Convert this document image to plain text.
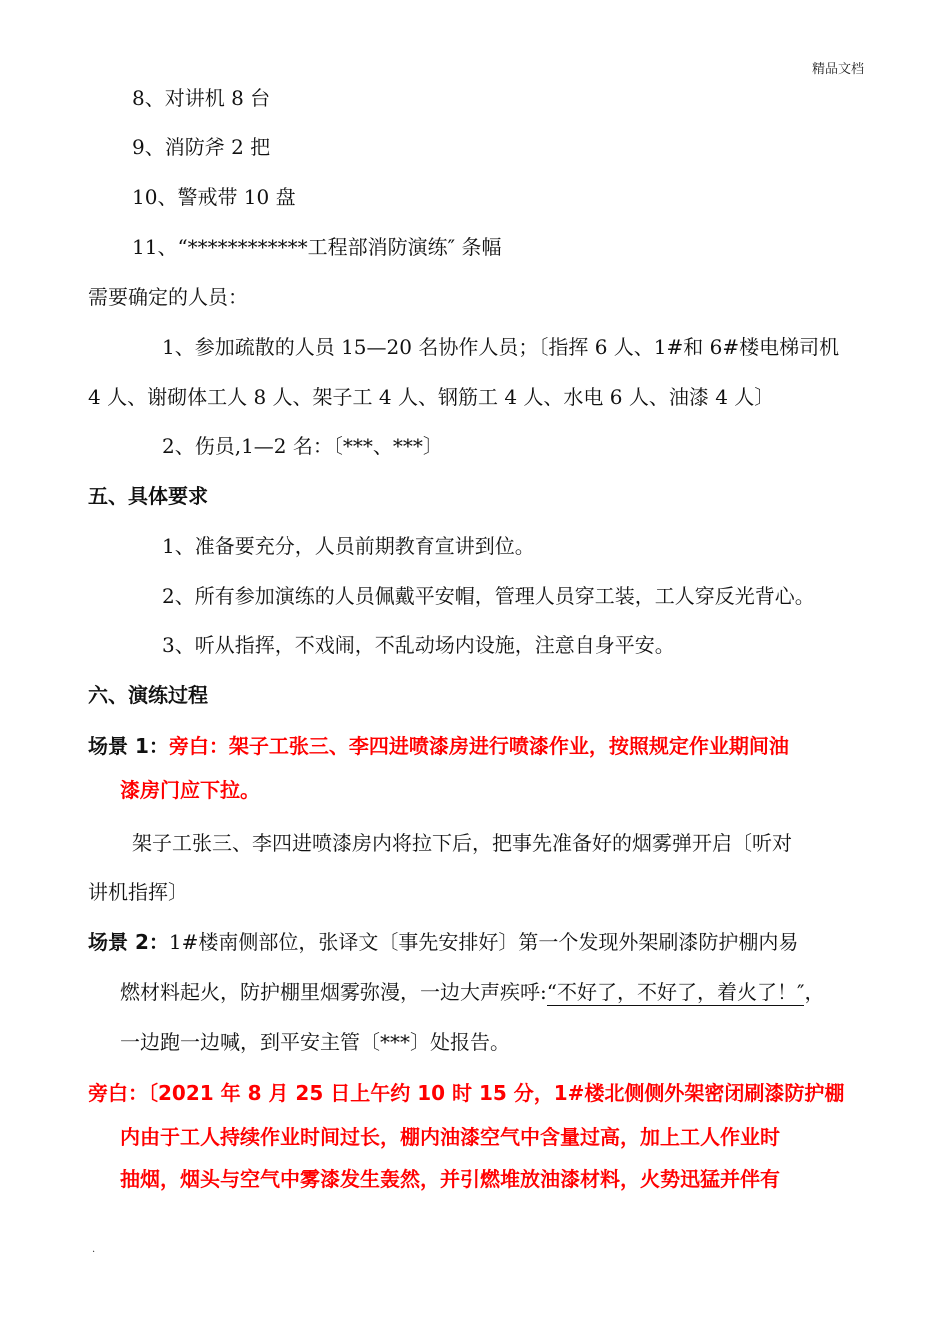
精品文档
8、对讲机 8 台
9、消防斧 2 把
10、警戒带 10 盘
11、“************工程部消防演练″ 条幅
需要确定的人员：
1、参加疏散的人员 15—20 名协作人员；〔指挥 6 人、1#和 6#楼电梯司机
4 人、谢砌体工人 8 人、架子工 4 人、钢筋工 4 人、水电 6 人、油漆 4 人〕
2、伤员,1—2 名：〔***、***〕
五、具体要求
1、准备要充分，人员前期教育宣讲到位。
2、所有参加演练的人员佩戴平安帽，管理人员穿工装，工人穿反光背心。
3、听从指挥，不戏闹，不乱动场内设施，注意自身平安。
六、演练过程
场景 1：旁白：架子工张三、李四进喷漆房进行喷漆作业，按照规定作业期间油
漆房门应下拉。
架子工张三、李四进喷漆房内将拉下后，把事先准备好的烟雾弹开启〔听对
讲机指挥〕
场景 2：1#楼南侧部位，张译文〔事先安排好〕第一个发现外架刷漆防护棚内易
燃材料起火，防护棚里烟雾弥漫，一边大声疾呼:“不好了，不好了，着火了！″，
一边跑一边喊，到平安主管〔***〕处报告。
旁白：〔2021 年 8 月 25 日上午约 10 时 15 分，1#楼北侧侧外架密闭刷漆防护棚
内由于工人持续作业时间过长，棚内油漆空气中含量过高，加上工人作业时
抽烟，烟头与空气中雾漆发生轰然，并引燃堆放油漆材料，火势迅猛并伴有
.
